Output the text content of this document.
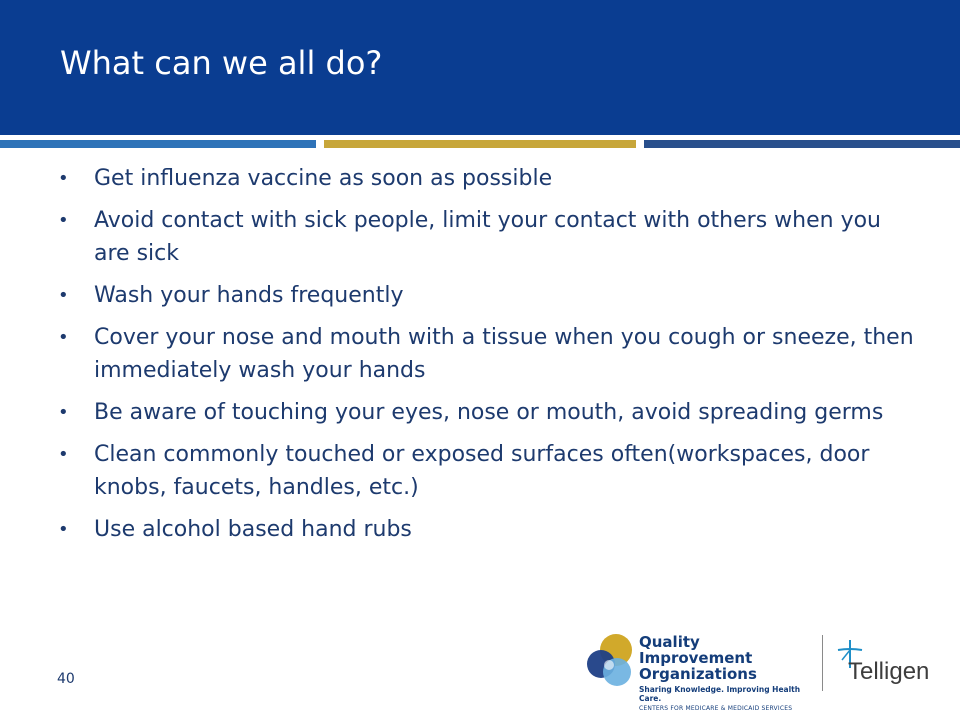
What can we all do?
• Get influenza vaccine as soon as possible
• Avoid contact with sick people, limit your contact with others when you are sick
• Wash your hands frequently
• Cover your nose and mouth with a tissue when you cough or sneeze, then immediately wash your hands
• Be aware of touching your eyes, nose or mouth, avoid spreading germs
• Clean commonly touched or exposed surfaces often(workspaces, door knobs, faucets, handles, etc.)
• Use alcohol based hand rubs
40
Quality Improvement
Organizations
Sharing Knowledge. Improving Health Care.
CENTERS FOR MEDICARE & MEDICAID SERVICES
Telligen
